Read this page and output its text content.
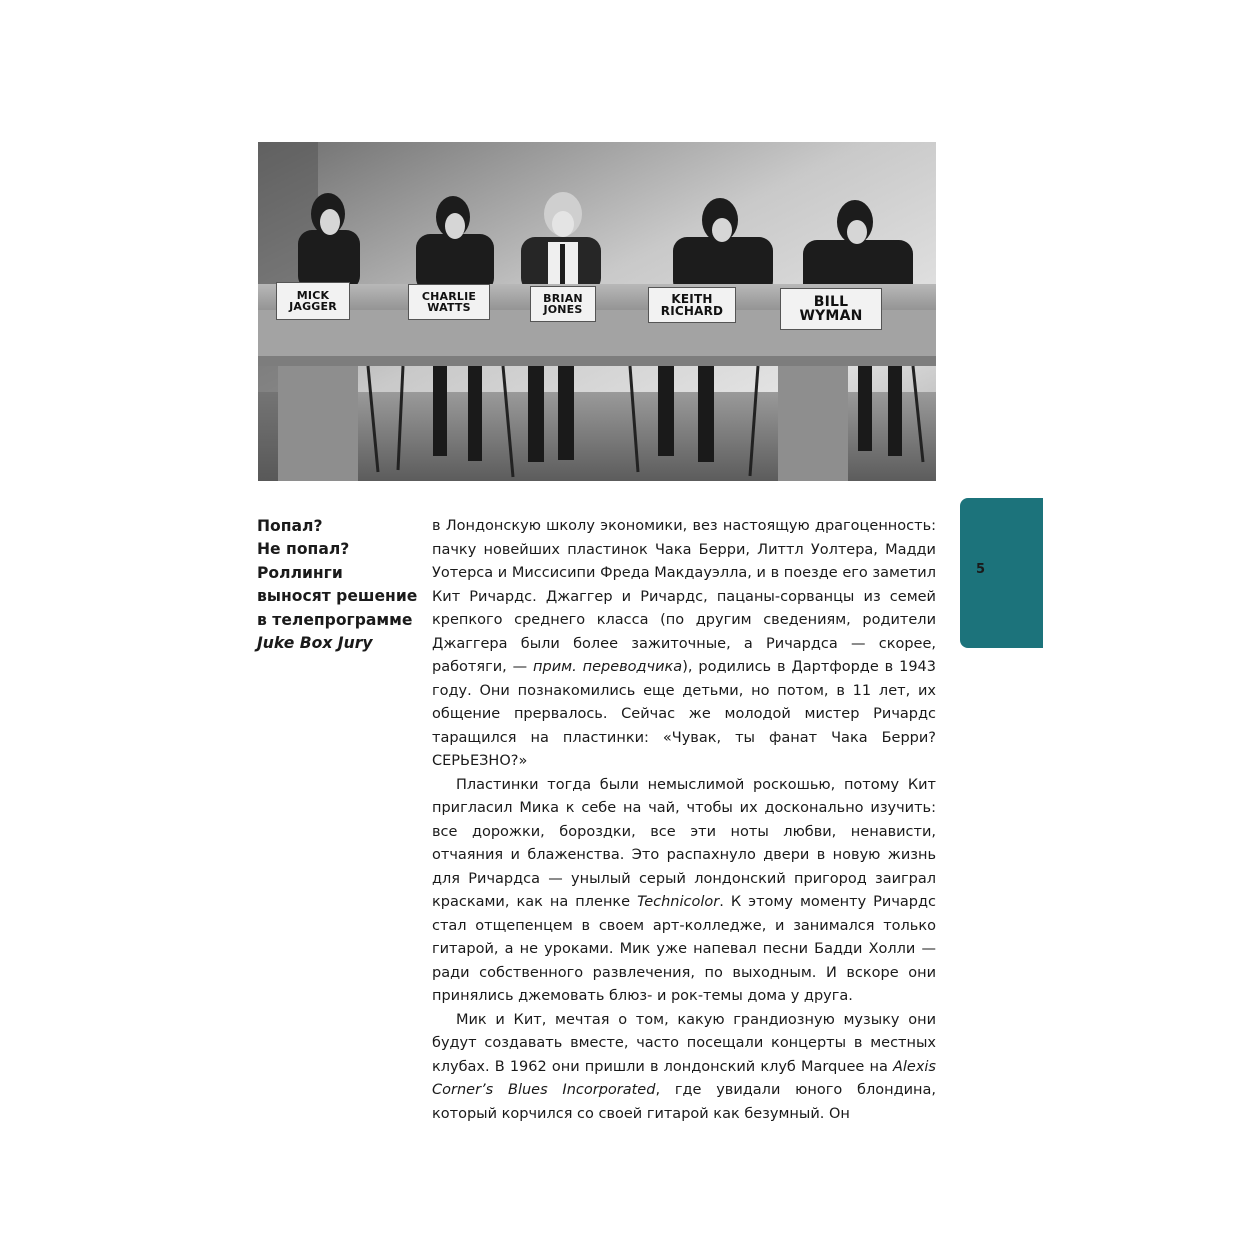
MICK
JAGGER
CHARLIE
WATTS
BRIAN
JONES
KEITH
RICHARD
BILL
WYMAN
Попал?
Не попал?
Роллинги
выносят решение
в телепрограмме
Juke Box Jury

в Лондонскую школу экономики, вез настоящую драгоценность: пачку новейших пластинок Чака Берри, Литтл Уолтера, Мадди Уотерса и Миссисипи Фреда Макдауэлла, и в поезде его заметил Кит Ричардс. Джаггер и Ричардс, пацаны-сорванцы из семей крепкого среднего класса (по другим сведениям, родители Джаггера были более зажиточные, а Ричардса — скорее, работяги, — прим. переводчика), родились в Дартфорде в 1943 году. Они познакомились еще детьми, но потом, в 11 лет, их общение прервалось. Сейчас же молодой мистер Ричардс таращился на пластинки: «Чувак, ты фанат Чака Берри? СЕРЬЕЗНО?»

Пластинки тогда были немыслимой роскошью, потому Кит пригласил Мика к себе на чай, чтобы их досконально изучить: все дорожки, бороздки, все эти ноты любви, ненависти, отчаяния и блаженства. Это распахнуло двери в новую жизнь для Ричардса — унылый серый лондонский пригород заиграл красками, как на пленке Technicolor. К этому моменту Ричардс стал отщепенцем в своем арт-колледже, и занимался только гитарой, а не уроками. Мик уже напевал песни Бадди Холли — ради собственного развлечения, по выходным. И вскоре они принялись джемовать блюз- и рок-темы дома у друга.

Мик и Кит, мечтая о том, какую грандиозную музыку они будут создавать вместе, часто посещали концерты в местных клубах. В 1962 они пришли в лондонский клуб Marquee на Alexis Corner’s Blues Incorporated, где увидали юного блондина, который корчился со своей гитарой как безумный. Он

5
